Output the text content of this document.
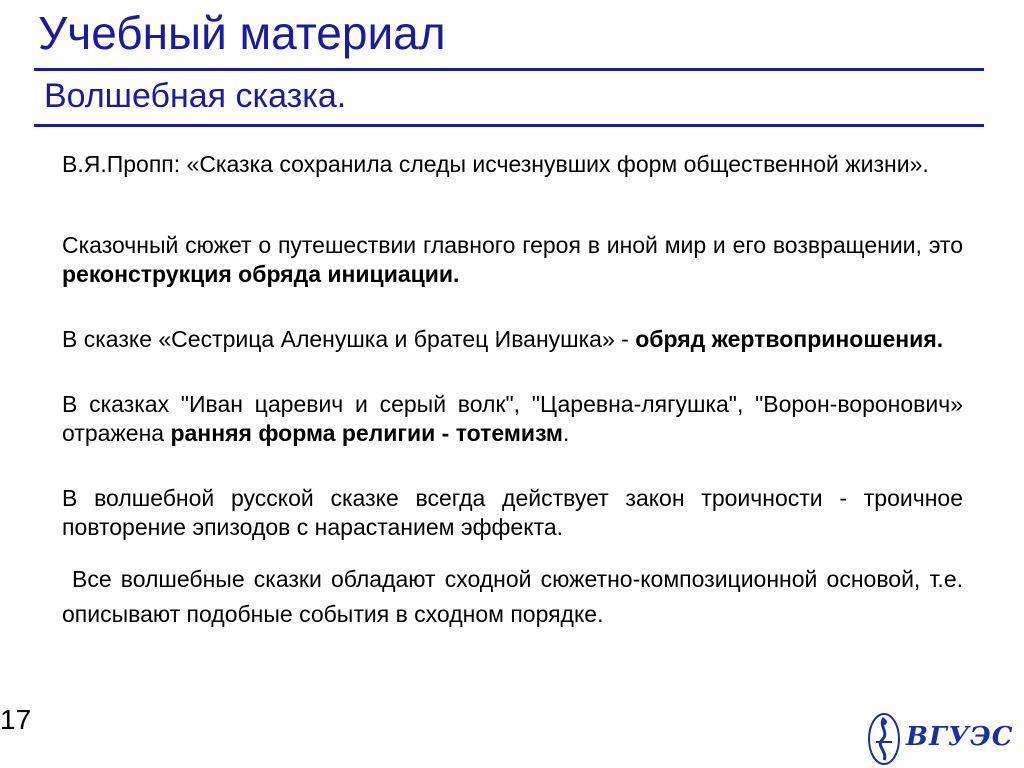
Учебный материал
Волшебная сказка.

В.Я.Пропп: «Сказка сохранила следы исчезнувших форм общественной жизни».

Сказочный сюжет о путешествии главного героя в иной мир и его возвращении, это реконструкция обряда инициации.

В сказке «Сестрица Аленушка и братец Иванушка» - обряд жертвоприношения.

В сказках "Иван царевич и серый волк", "Царевна-лягушка", "Ворон-воронович» отражена ранняя форма религии - тотемизм.

В волшебной русской сказке всегда действует закон троичности - троичное повторение эпизодов с нарастанием эффекта.

Все волшебные сказки обладают сходной сюжетно-композиционной основой, т.е. описывают подобные события в сходном порядке.

17
ВГУЭС
